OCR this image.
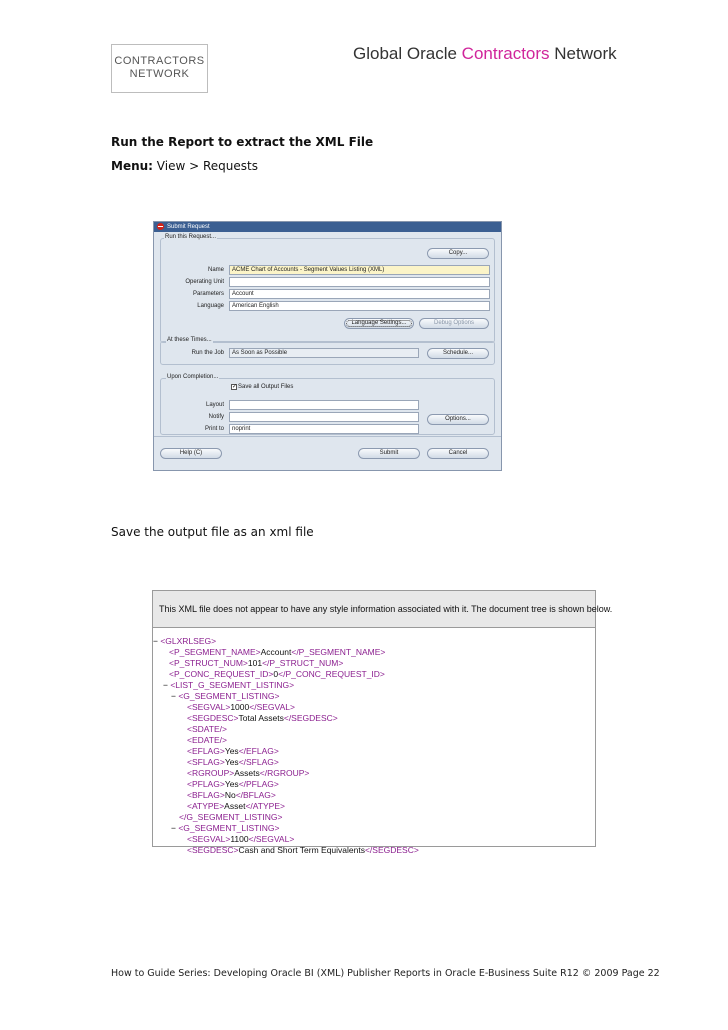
CONTRACTORS
NETWORK
Global Oracle Contractors Network
Run the Report to extract the XML File
Menu: View > Requests
Submit Request
Run this Request...
Copy...
Name	ACME Chart of Accounts - Segment Values Listing (XML)
Operating Unit
Parameters	Account
Language	American English
Language Settings...	Debug Options
At these Times...
Run the Job	As Soon as Possible	Schedule...
Upon Completion...
✓ Save all Output Files
Layout
Notify
Print to	noprint
Options...
Help (C)	Submit	Cancel
Save the output file as an xml file
This XML file does not appear to have any style information associated with it. The document tree is shown below.
− <GLXRLSEG>
<P_SEGMENT_NAME>Account</P_SEGMENT_NAME>
<P_STRUCT_NUM>101</P_STRUCT_NUM>
<P_CONC_REQUEST_ID>0</P_CONC_REQUEST_ID>
− <LIST_G_SEGMENT_LISTING>
− <G_SEGMENT_LISTING>
<SEGVAL>1000</SEGVAL>
<SEGDESC>Total Assets</SEGDESC>
<SDATE/>
<EDATE/>
<EFLAG>Yes</EFLAG>
<SFLAG>Yes</SFLAG>
<RGROUP>Assets</RGROUP>
<PFLAG>Yes</PFLAG>
<BFLAG>No</BFLAG>
<ATYPE>Asset</ATYPE>
</G_SEGMENT_LISTING>
− <G_SEGMENT_LISTING>
<SEGVAL>1100</SEGVAL>
<SEGDESC>Cash and Short Term Equivalents</SEGDESC>
How to Guide Series: Developing Oracle BI (XML) Publisher Reports in Oracle E-Business Suite R12 © 2009 Page 22
